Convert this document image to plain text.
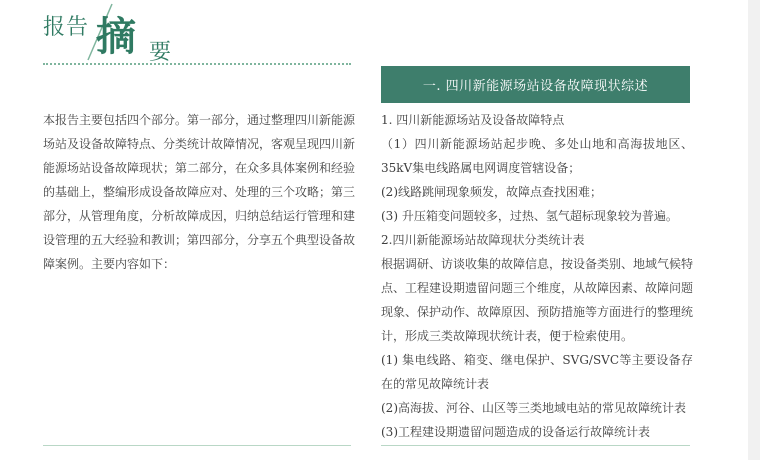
报告 摘 要
本报告主要包括四个部分。第一部分，通过整理四川新能源场站及设备故障特点、分类统计故障情况，客观呈现四川新能源场站设备故障现状；第二部分，在众多具体案例和经验的基础上，整编形成设备故障应对、处理的三个攻略；第三部分，从管理角度，分析故障成因，归纳总结运行管理和建设管理的五大经验和教训；第四部分，分享五个典型设备故障案例。主要内容如下：
一. 四川新能源场站设备故障现状综述

1. 四川新能源场站及设备故障特点

（1）四川新能源场站起步晚、多处山地和高海拔地区、35kV集电线路属电网调度管辖设备；

(2)线路跳闸现象频发，故障点查找困难；

(3) 升压箱变问题较多，过热、氢气超标现象较为普遍。

2.四川新能源场站故障现状分类统计表

根据调研、访谈收集的故障信息，按设备类别、地域气候特点、工程建设期遗留问题三个维度，从故障因素、故障问题现象、保护动作、故障原因、预防措施等方面进行的整理统计，形成三类故障现状统计表，便于检索使用。

(1) 集电线路、箱变、继电保护、SVG/SVC等主要设备存在的常见故障统计表

(2)高海拔、河谷、山区等三类地域电站的常见故障统计表

(3)工程建设期遗留问题造成的设备运行故障统计表
